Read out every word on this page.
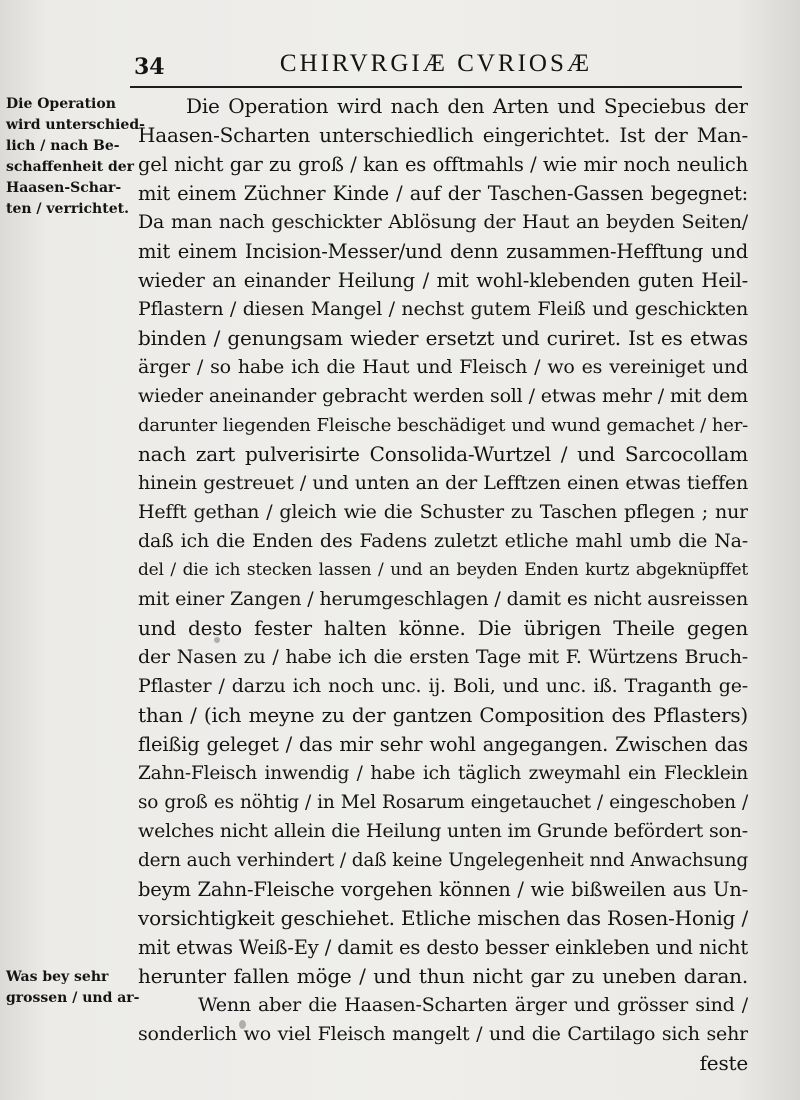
34	CHIRVRGIÆ CVRIOSÆ
Die Operation
wird unterschied-
lich / nach Be-
schaffenheit der
Haasen-Schar-
ten / verrichtet.
Was bey sehr
grossen / und ar-
Die Operation wird nach den Arten und Speciebus der
Haasen-Scharten unterschiedlich eingerichtet. Ist der Man-
gel nicht gar zu groß / kan es offtmahls / wie mir noch neulich
mit einem Züchner Kinde / auf der Taschen-Gassen begegnet:
Da man nach geschickter Ablösung der Haut an beyden Seiten/
mit einem Incision-Messer/und denn zusammen-Hefftung und
wieder an einander Heilung / mit wohl-klebenden guten Heil-
Pflastern / diesen Mangel / nechst gutem Fleiß und geschickten
binden / genungsam wieder ersetzt und curiret. Ist es etwas
ärger / so habe ich die Haut und Fleisch / wo es vereiniget und
wieder aneinander gebracht werden soll / etwas mehr / mit dem
darunter liegenden Fleische beschädiget und wund gemachet / her-
nach zart pulverisirte Consolida-Wurtzel / und Sarcocollam
hinein gestreuet / und unten an der Lefftzen einen etwas tieffen
Hefft gethan / gleich wie die Schuster zu Taschen pflegen ; nur
daß ich die Enden des Fadens zuletzt etliche mahl umb die Na-
del / die ich stecken lassen / und an beyden Enden kurtz abgeknüpffet
mit einer Zangen / herumgeschlagen / damit es nicht ausreissen
und desto fester halten könne. Die übrigen Theile gegen
der Nasen zu / habe ich die ersten Tage mit F. Würtzens Bruch-
Pflaster / darzu ich noch unc. ij. Boli, und unc. iß. Traganth ge-
than / (ich meyne zu der gantzen Composition des Pflasters)
fleißig geleget / das mir sehr wohl angegangen. Zwischen das
Zahn-Fleisch inwendig / habe ich täglich zweymahl ein Flecklein
so groß es nöhtig / in Mel Rosarum eingetauchet / eingeschoben /
welches nicht allein die Heilung unten im Grunde befördert son-
dern auch verhindert / daß keine Ungelegenheit nnd Anwachsung
beym Zahn-Fleische vorgehen können / wie bißweilen aus Un-
vorsichtigkeit geschiehet. Etliche mischen das Rosen-Honig /
mit etwas Weiß-Ey / damit es desto besser einkleben und nicht
herunter fallen möge / und thun nicht gar zu uneben daran.
Wenn aber die Haasen-Scharten ärger und grösser sind /
sonderlich wo viel Fleisch mangelt / und die Cartilago sich sehr
feste
